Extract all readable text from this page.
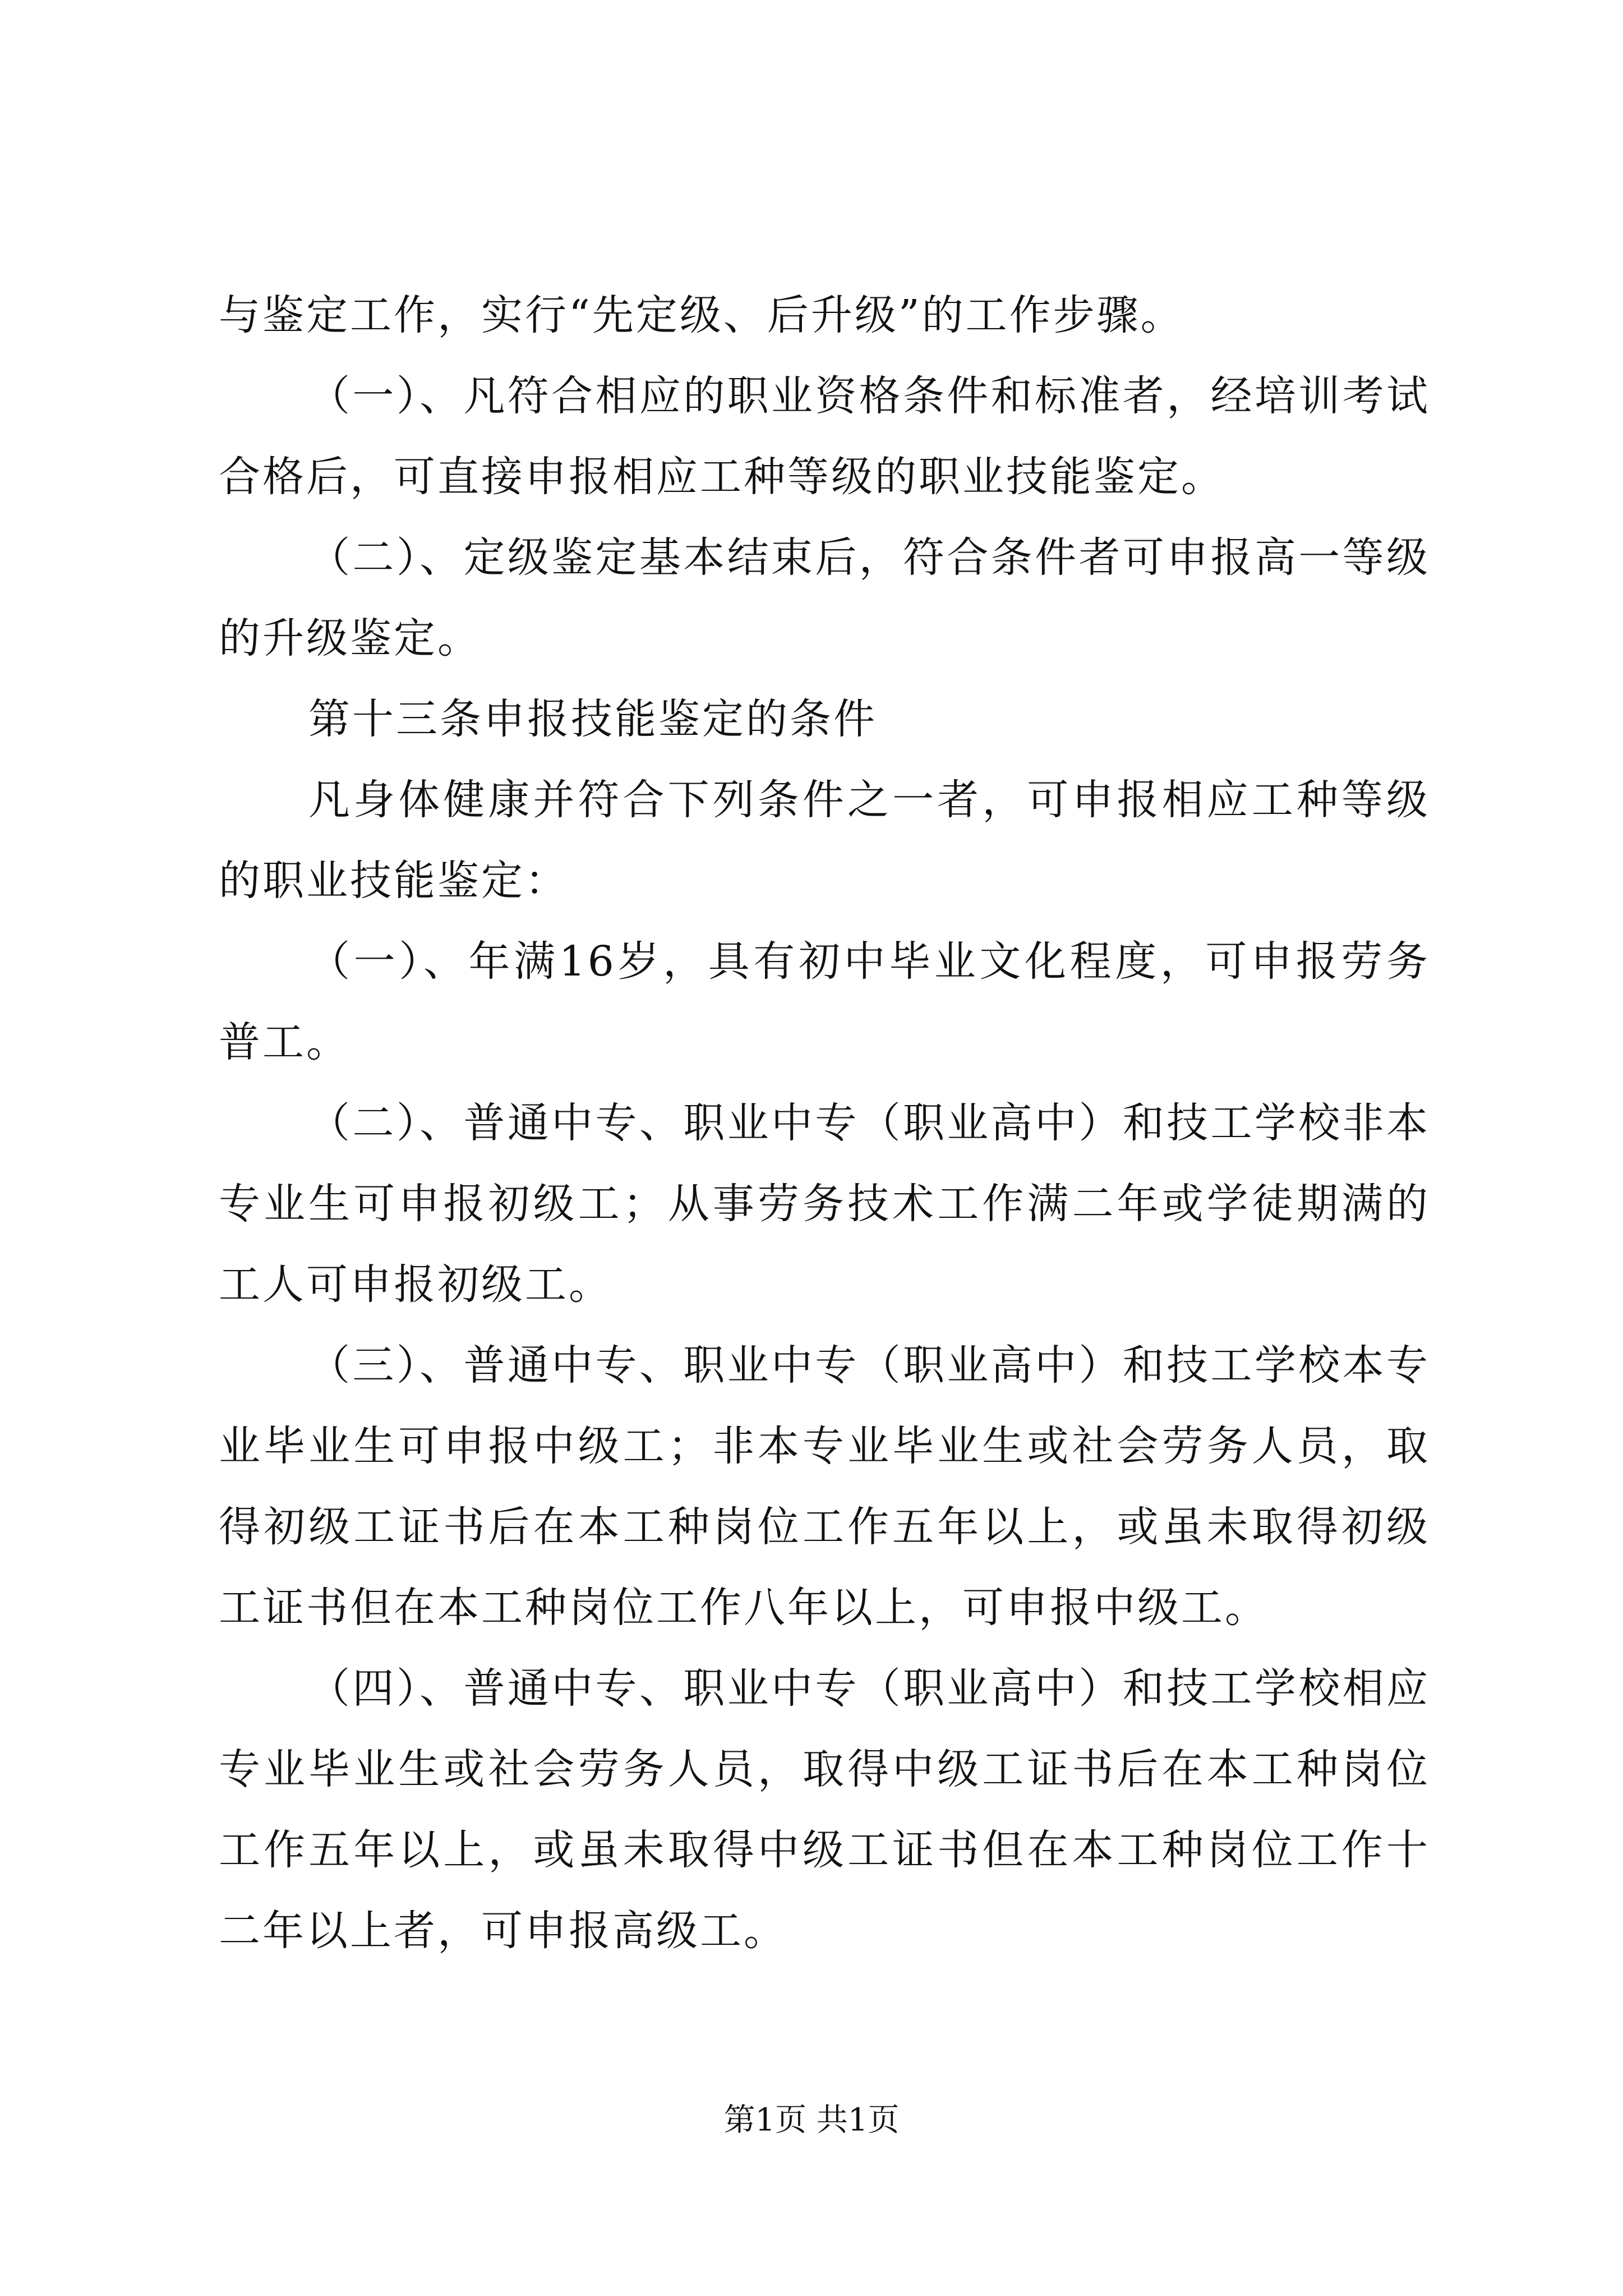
与鉴定工作，实行“先定级、后升级”的工作步骤。

（一）、凡符合相应的职业资格条件和标准者，经培训考试合格后，可直接申报相应工种等级的职业技能鉴定。

（二）、定级鉴定基本结束后，符合条件者可申报高一等级的升级鉴定。

第十三条申报技能鉴定的条件

凡身体健康并符合下列条件之一者，可申报相应工种等级的职业技能鉴定：

（一）、年满16岁，具有初中毕业文化程度，可申报劳务普工。

（二）、普通中专、职业中专（职业高中）和技工学校非本专业生可申报初级工；从事劳务技术工作满二年或学徒期满的工人可申报初级工。

（三）、普通中专、职业中专（职业高中）和技工学校本专业毕业生可申报中级工；非本专业毕业生或社会劳务人员，取得初级工证书后在本工种岗位工作五年以上，或虽未取得初级工证书但在本工种岗位工作八年以上，可申报中级工。

（四）、普通中专、职业中专（职业高中）和技工学校相应专业毕业生或社会劳务人员，取得中级工证书后在本工种岗位工作五年以上，或虽未取得中级工证书但在本工种岗位工作十二年以上者，可申报高级工。

第1页 共1页
